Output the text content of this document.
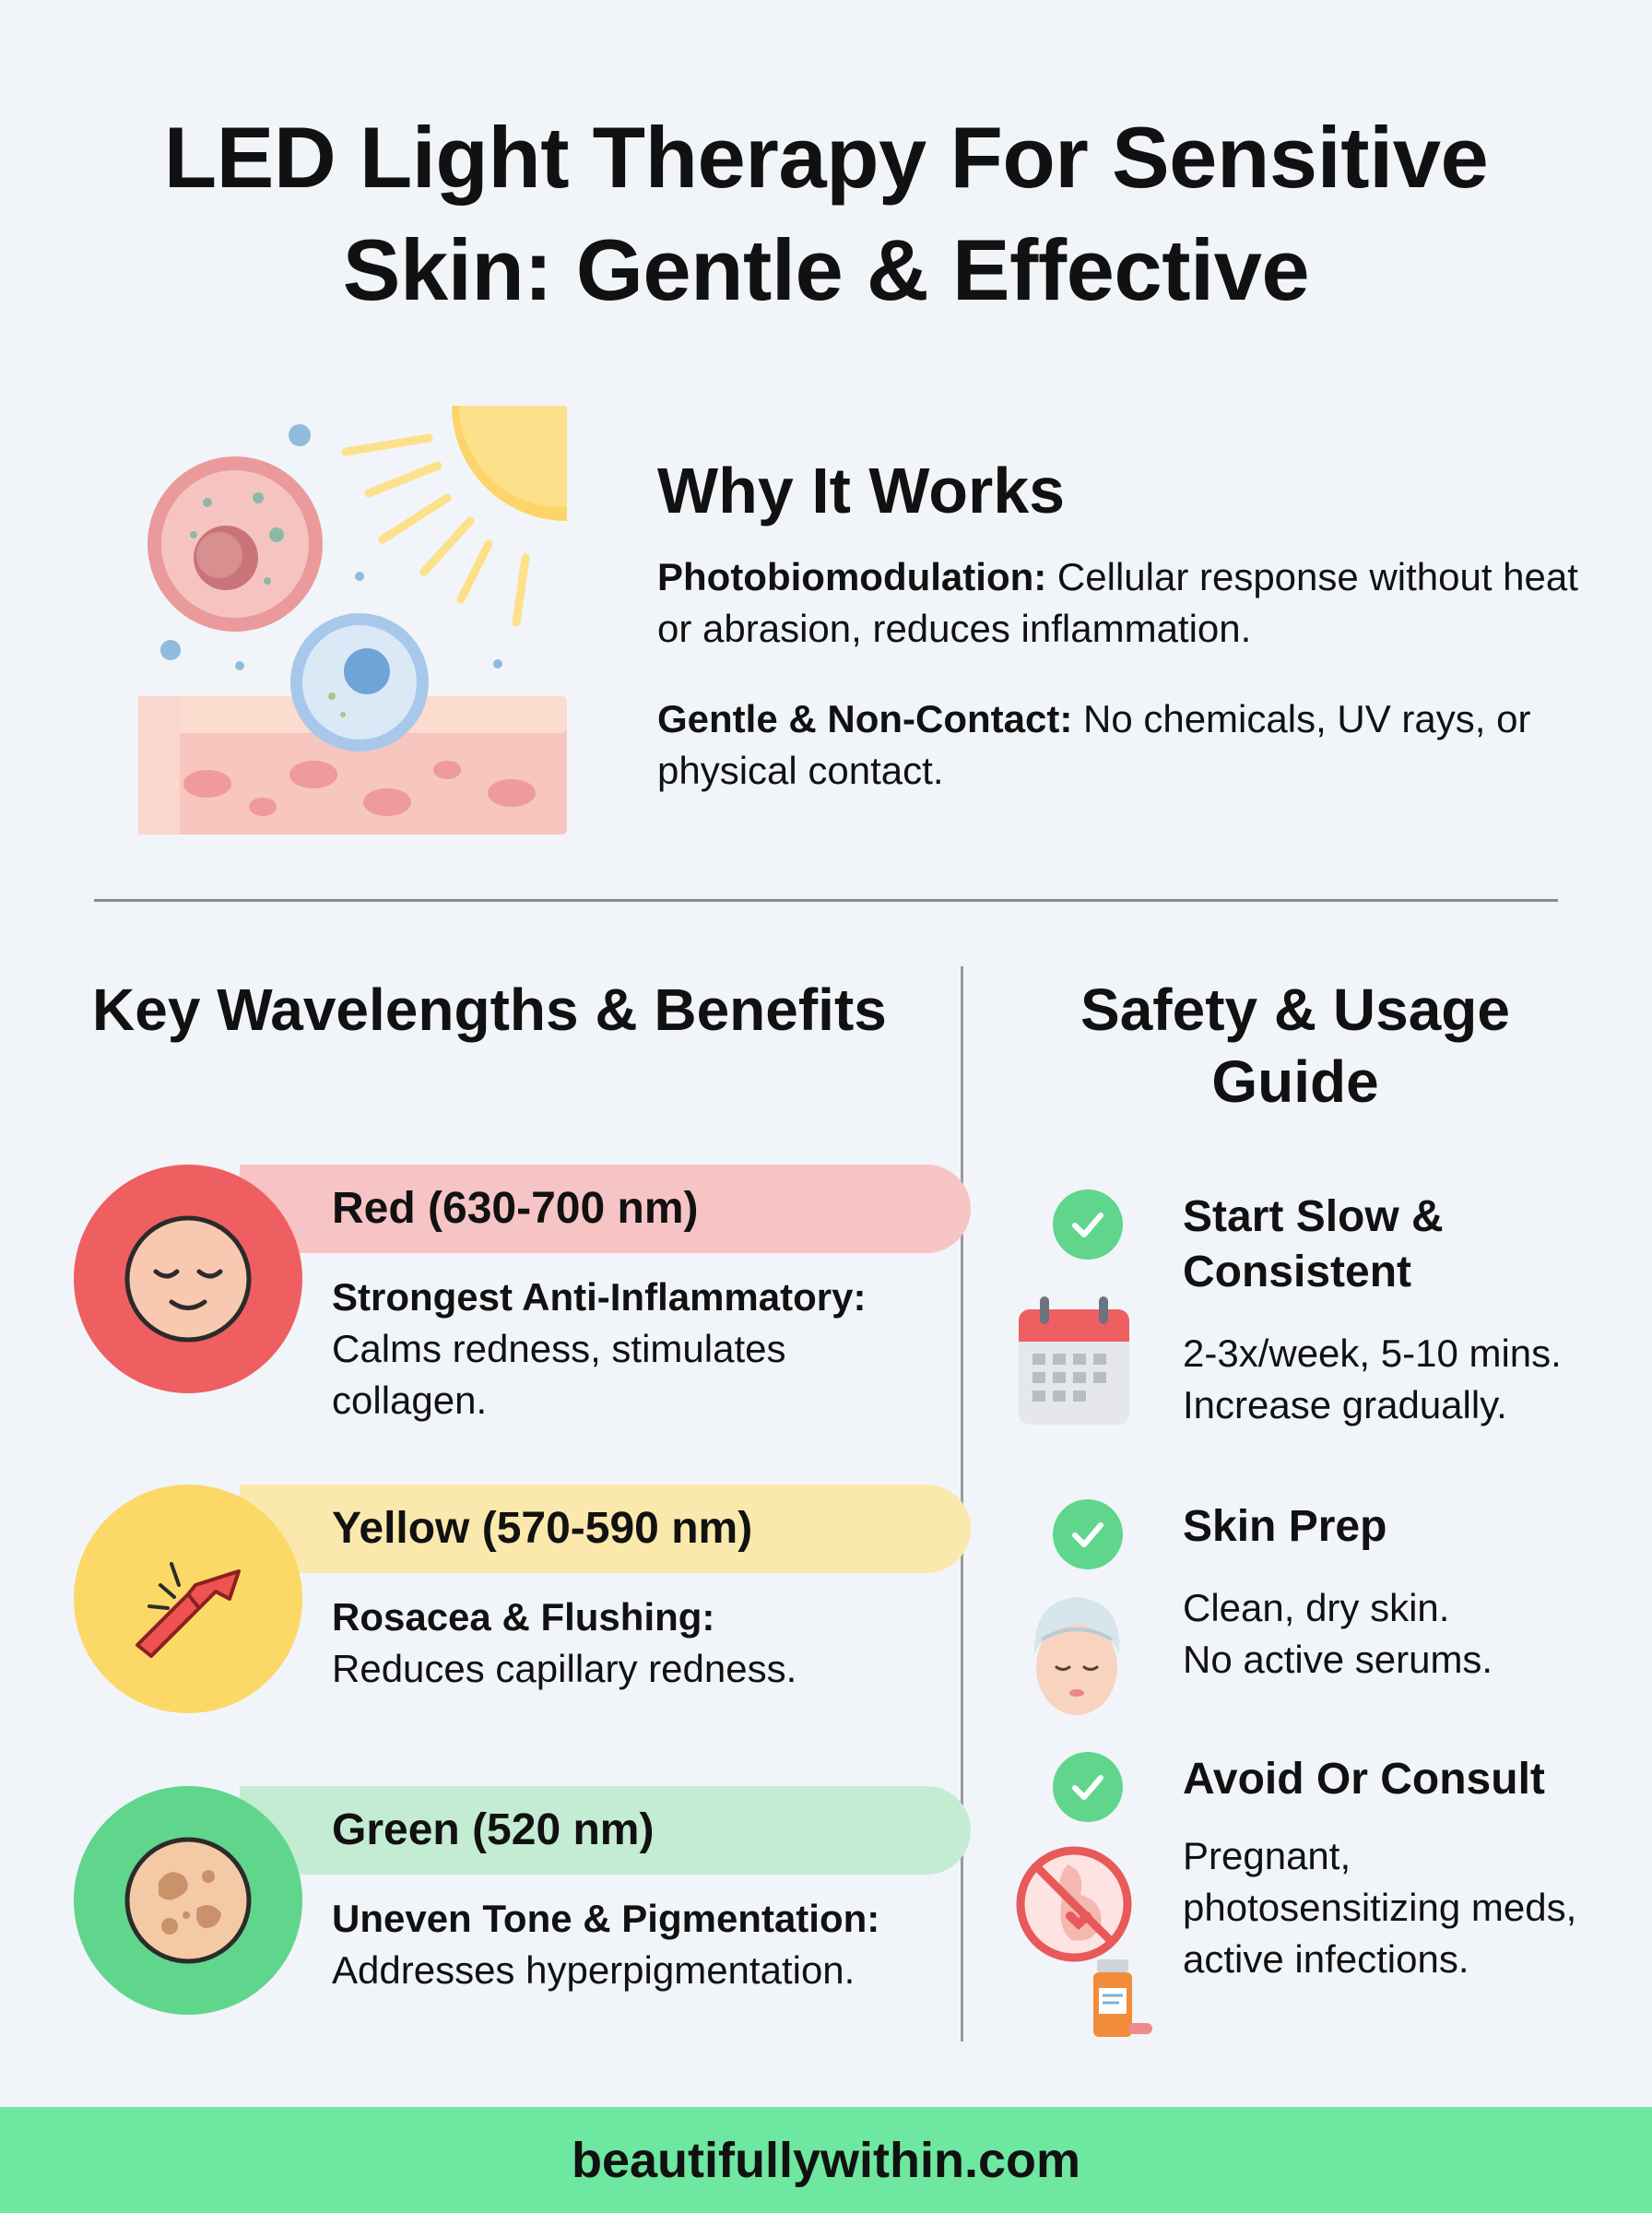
LED Light Therapy For Sensitive
Skin: Gentle & Effective
Why It Works

Photobiomodulation: Cellular response without heat or abrasion, reduces inflammation.

Gentle & Non-Contact: No chemicals, UV rays, or physical contact.

Key Wavelengths & Benefits	Safety & Usage
Guide
Red (630-700 nm)
Strongest Anti-Inflammatory:
Calms redness, stimulates collagen.
Yellow (570-590 nm)
Rosacea & Flushing:
Reduces capillary redness.
Green (520 nm)
Uneven Tone & Pigmentation:
Addresses hyperpigmentation.
Start Slow & Consistent
2-3x/week, 5-10 mins. Increase gradually.
Skin Prep
Clean, dry skin.
No active serums.
Avoid Or Consult
Pregnant, photosensitizing meds, active infections.
beautifullywithin.com
